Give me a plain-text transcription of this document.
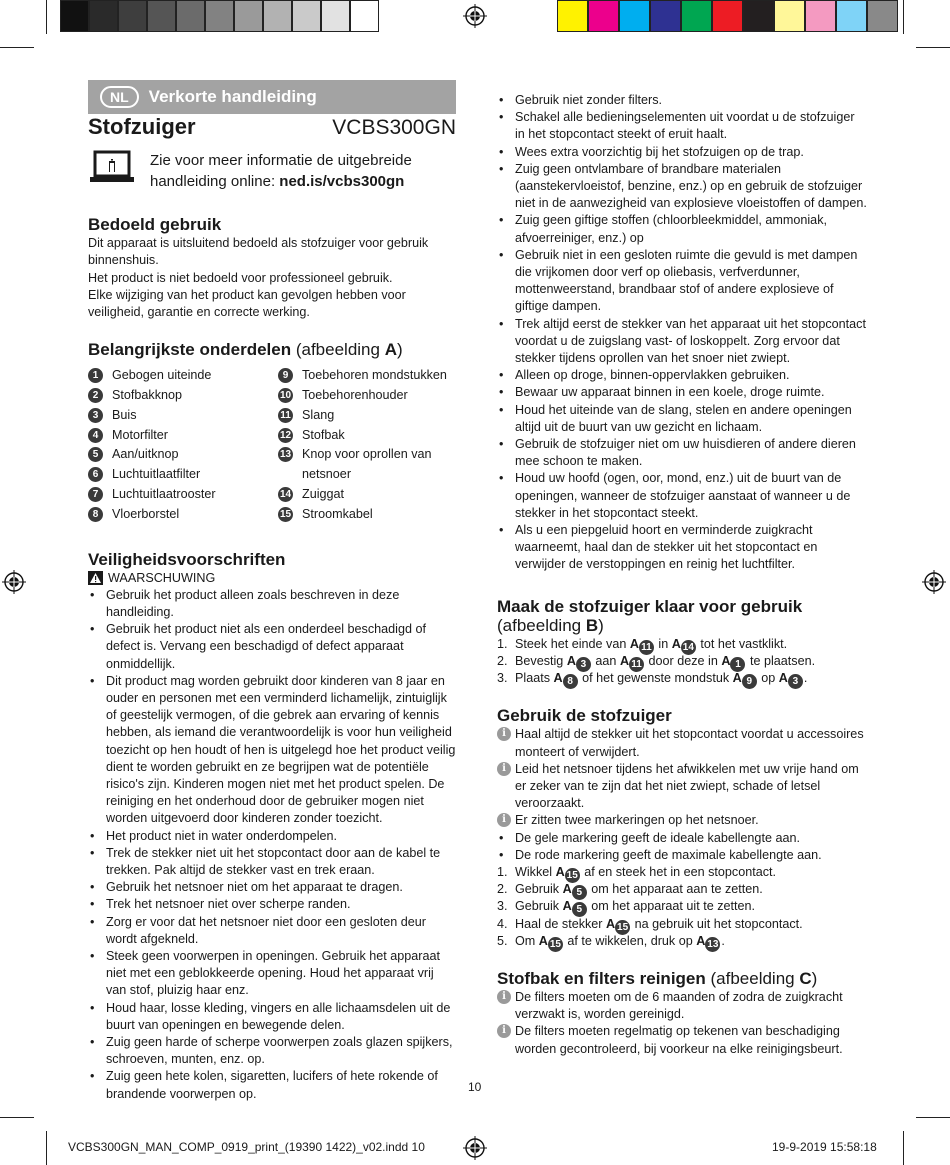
NL	Verkorte handleiding
Stofzuiger	VCBS300GN
Zie voor meer informatie de uitgebreide
handleiding online: ned.is/vcbs300gn
Bedoeld gebruik

Dit apparaat is uitsluitend bedoeld als stofzuiger voor gebruik

binnenshuis.

Het product is niet bedoeld voor professioneel gebruik.

Elke wijziging van het product kan gevolgen hebben voor

veiligheid, garantie en correcte werking.

Belangrijkste onderdelen (afbeelding A)
1	Gebogen uiteinde
2	Stofbakknop
3	Buis
4	Motorfilter
5	Aan/uitknop
6	Luchtuitlaatfilter
7	Luchtuitlaatrooster
8	Vloerborstel
9	Toebehoren mondstukken
10 Toebehorenhouder
11 Slang
12 Stofbak
13 Knop voor oprollen van netsnoer
14 Zuiggat
15 Stroomkabel
Veiligheidsvoorschriften
WAARSCHUWING
• Gebruik het product alleen zoals beschreven in deze handleiding.
• Gebruik het product niet als een onderdeel beschadigd of defect is. Vervang een beschadigd of defect apparaat onmiddellijk.
• Dit product mag worden gebruikt door kinderen van 8 jaar en ouder en personen met een verminderd lichamelijk, zintuiglijk of geestelijk vermogen, of die gebrek aan ervaring of kennis hebben, als iemand die verantwoordelijk is voor hun veiligheid toezicht op hen houdt of hen is uitgelegd hoe het product veilig dient te worden gebruikt en ze begrijpen wat de potentiële risico's zijn. Kinderen mogen niet met het product spelen. De reiniging en het onderhoud door de gebruiker mogen niet worden uitgevoerd door kinderen zonder toezicht.
• Het product niet in water onderdompelen.
• Trek de stekker niet uit het stopcontact door aan de kabel te trekken. Pak altijd de stekker vast en trek eraan.
• Gebruik het netsnoer niet om het apparaat te dragen.
• Trek het netsnoer niet over scherpe randen.
• Zorg er voor dat het netsnoer niet door een gesloten deur wordt afgekneld.
• Steek geen voorwerpen in openingen. Gebruik het apparaat niet met een geblokkeerde opening. Houd het apparaat vrij van stof, pluizig haar enz.
• Houd haar, losse kleding, vingers en alle lichaamsdelen uit de buurt van openingen en bewegende delen.
• Zuig geen harde of scherpe voorwerpen zoals glazen spijkers, schroeven, munten, enz. op.
• Zuig geen hete kolen, sigaretten, lucifers of hete rokende of brandende voorwerpen op.
• Gebruik niet zonder filters.
• Schakel alle bedieningselementen uit voordat u de stofzuiger in het stopcontact steekt of eruit haalt.
• Wees extra voorzichtig bij het stofzuigen op de trap.
• Zuig geen ontvlambare of brandbare materialen (aanstekervloeistof, benzine, enz.) op en gebruik de stofzuiger niet in de aanwezigheid van explosieve vloeistoffen of dampen.
• Zuig geen giftige stoffen (chloorbleekmiddel, ammoniak, afvoerreiniger, enz.) op
• Gebruik niet in een gesloten ruimte die gevuld is met dampen die vrijkomen door verf op oliebasis, verfverdunner, mottenweerstand, brandbaar stof of andere explosieve of giftige dampen.
• Trek altijd eerst de stekker van het apparaat uit het stopcontact voordat u de zuigslang vast- of loskoppelt. Zorg ervoor dat stekker tijdens oprollen van het snoer niet zwiept.
• Alleen op droge, binnen-oppervlakken gebruiken.
• Bewaar uw apparaat binnen in een koele, droge ruimte.
• Houd het uiteinde van de slang, stelen en andere openingen altijd uit de buurt van uw gezicht en lichaam.
• Gebruik de stofzuiger niet om uw huisdieren of andere dieren mee schoon te maken.
• Houd uw hoofd (ogen, oor, mond, enz.) uit de buurt van de openingen, wanneer de stofzuiger aanstaat of wanneer u de stekker in het stopcontact steekt.
• Als u een piepgeluid hoort en verminderde zuigkracht waarneemt, haal dan de stekker uit het stopcontact en verwijder de verstoppingen en reinig het luchtfilter.
Maak de stofzuiger klaar voor gebruik
(afbeelding B)
1. Steek het einde van A 11 in A 14 tot het vastklikt.
2. Bevestig A 3 aan A 11 door deze in A 1 te plaatsen.
3. Plaats A 8 of het gewenste mondstuk A 9 op A 3 .
Gebruik de stofzuiger
i Haal altijd de stekker uit het stopcontact voordat u accessoires monteert of verwijdert.
i Leid het netsnoer tijdens het afwikkelen met uw vrije hand om er zeker van te zijn dat het niet zwiept, schade of letsel veroorzaakt.
i Er zitten twee markeringen op het netsnoer.
• De gele markering geeft de ideale kabellengte aan.
• De rode markering geeft de maximale kabellengte aan.
1. Wikkel A 15 af en steek het in een stopcontact.
2. Gebruik A 5 om het apparaat aan te zetten.
3. Gebruik A 5 om het apparaat uit te zetten.
4. Haal de stekker A 15 na gebruik uit het stopcontact.
5. Om A 15 af te wikkelen, druk op A 13 .
Stofbak en filters reinigen (afbeelding C)
i De filters moeten om de 6 maanden of zodra de zuigkracht verzwakt is, worden gereinigd.
i De filters moeten regelmatig op tekenen van beschadiging worden gecontroleerd, bij voorkeur na elke reinigingsbeurt.
10
VCBS300GN_MAN_COMP_0919_print_(19390 1422)_v02.indd 10	19-9-2019 15:58:18
